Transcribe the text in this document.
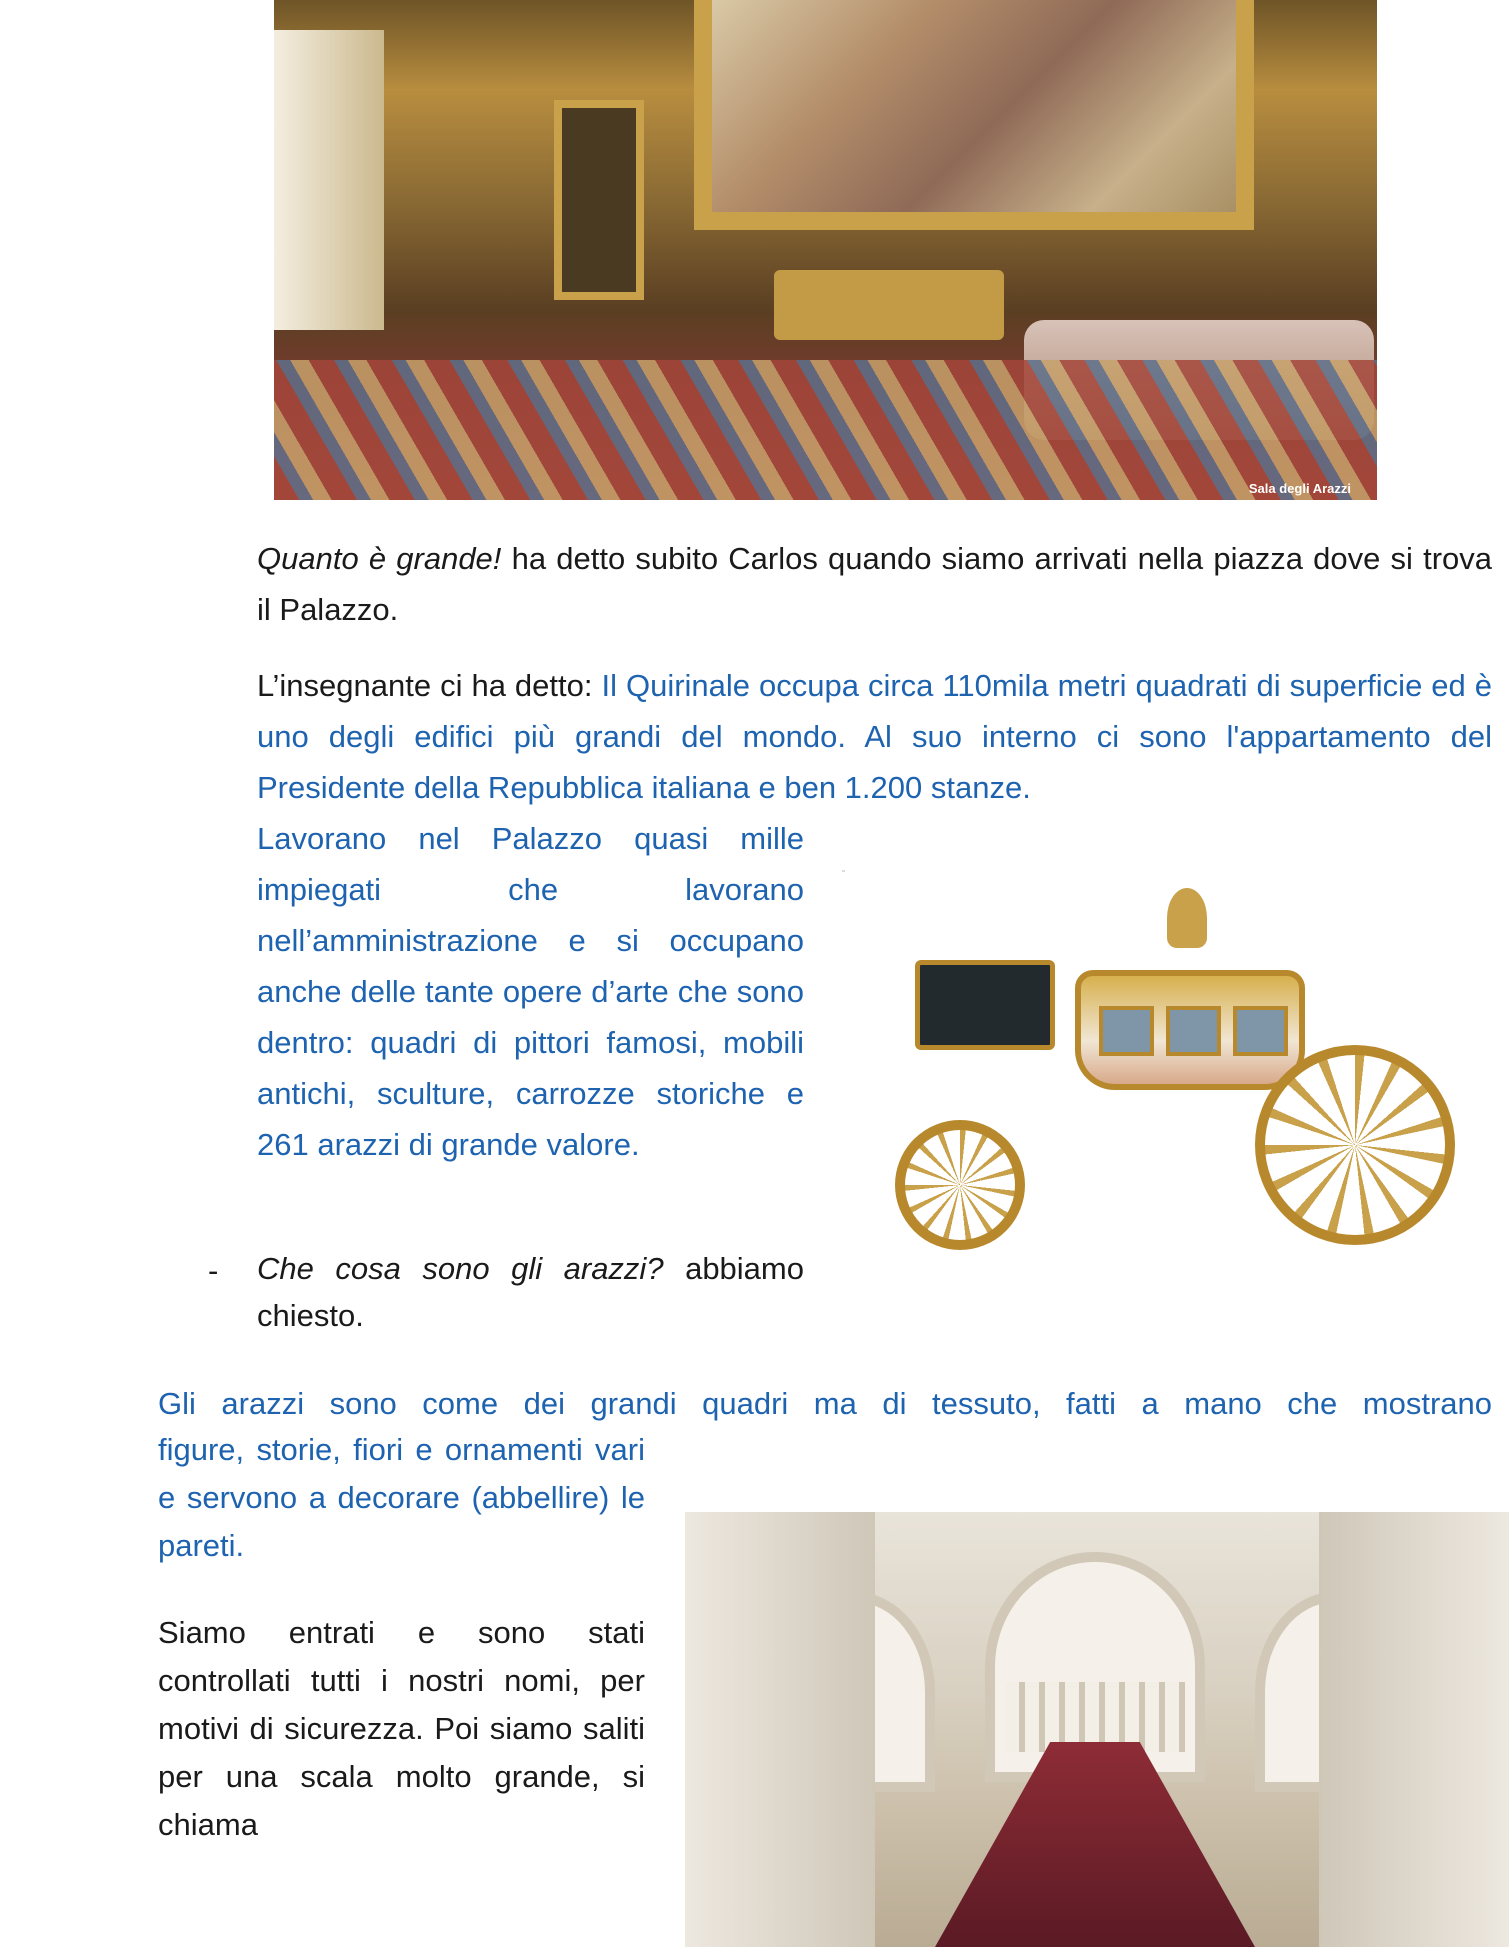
Sala degli Arazzi

Quanto è grande! ha detto subito Carlos quando siamo arrivati nella piazza dove si trova il Palazzo.

L’insegnante ci ha detto: Il Quirinale occupa circa 110mila metri quadrati di superficie ed è uno degli edifici più grandi del mondo. Al suo interno ci sono l'appartamento del Presidente della Repubblica italiana e ben 1.200 stanze.

Lavorano nel Palazzo quasi mille impiegati che lavorano nell’amministrazione e si occupano anche delle tante opere d’arte che sono dentro: quadri di pittori famosi, mobili antichi, sculture, carrozze storiche e 261 arazzi di grande valore.

- Che cosa sono gli arazzi? abbiamo chiesto.

Gli arazzi sono come dei grandi quadri ma di tessuto, fatti a mano che mostrano

figure, storie, fiori e ornamenti vari e servono a decorare (abbellire) le pareti.

Siamo entrati e sono stati controllati tutti i nostri nomi, per motivi di sicurezza. Poi siamo saliti per una scala molto grande, si chiama
